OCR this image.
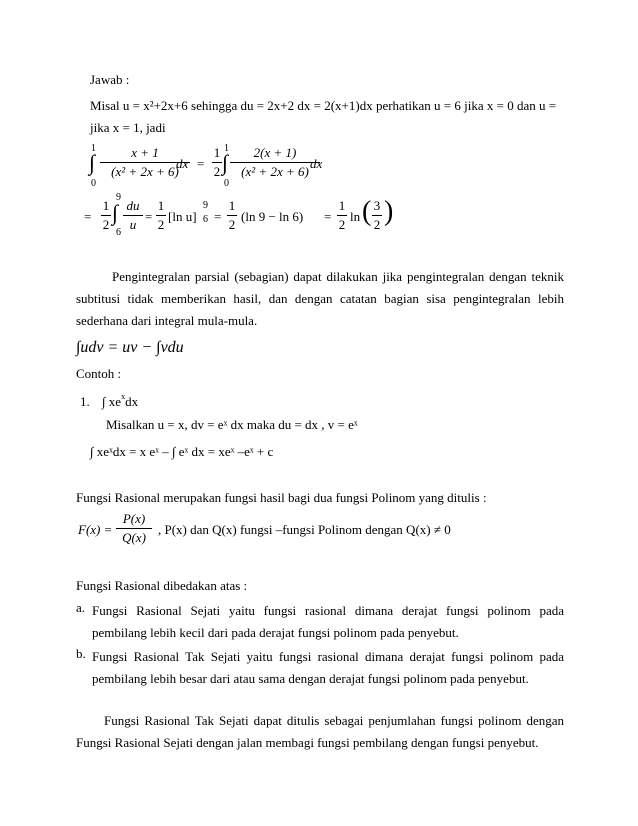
Jawab :
Misal u = x²+2x+6 sehingga du = 2x+2 dx = 2(x+1)dx perhatikan u = 6 jika x = 0 dan u =
jika x = 1, jadi
1
∫
0
x + 1
(x² + 2x + 6)
dx =
1
2
1
∫
0
2(x + 1)
(x² + 2x + 6)
dx
=
1
2
9
∫
6
du
u
=
1
2
[ln u]
9
6 =
1
2
(ln 9 − ln 6) =
1
2
ln ( 3
2 )
Pengintegralan parsial (sebagian) dapat dilakukan jika pengintegralan dengan teknik subtitusi tidak memberikan hasil, dan dengan catatan bagian sisa pengintegralan lebih sederhana dari integral mula-mula.
∫udv = uv − ∫vdu
Contoh :
1. ∫ $xe^xdx$
Misalkan u = x, dv = eˣ dx maka du = dx , v = eˣ
∫ xeˣdx = x eˣ – ∫ eˣ dx = xeˣ –eˣ + c
Fungsi Rasional merupakan fungsi hasil bagi dua fungsi Polinom yang ditulis :
F(x) =
P(x)
Q(x)
, P(x) dan Q(x) fungsi –fungsi Polinom dengan Q(x) ≠ 0
Fungsi Rasional dibedakan atas :
a. Fungsi Rasional Sejati yaitu fungsi rasional dimana derajat fungsi polinom pada pembilang lebih kecil dari pada derajat fungsi polinom pada penyebut.
b. Fungsi Rasional Tak Sejati yaitu fungsi rasional dimana derajat fungsi polinom pada pembilang lebih besar dari atau sama dengan derajat fungsi polinom pada penyebut.
Fungsi Rasional Tak Sejati dapat ditulis sebagai penjumlahan fungsi polinom dengan Fungsi Rasional Sejati dengan jalan membagi fungsi pembilang dengan fungsi penyebut.
